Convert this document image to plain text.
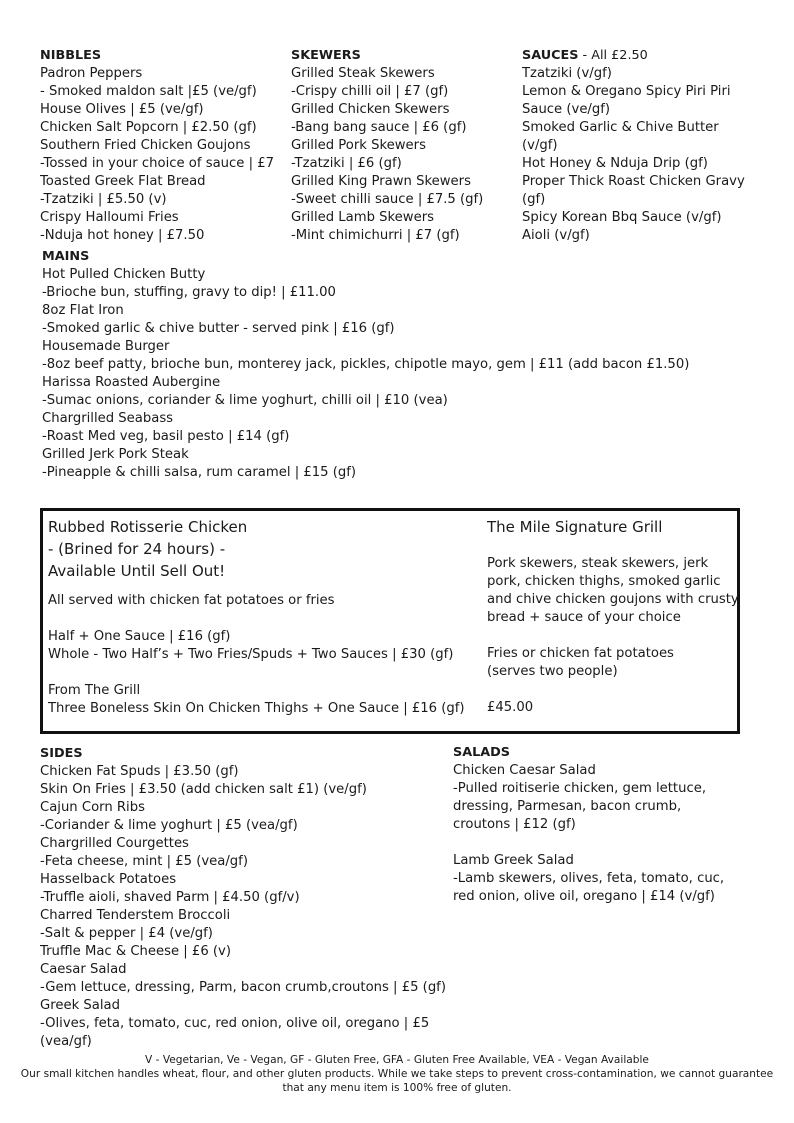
NIBBLES
Padron Peppers
- Smoked maldon salt |£5 (ve/gf)
House Olives | £5 (ve/gf)
Chicken Salt Popcorn | £2.50 (gf)
Southern Fried Chicken Goujons
-Tossed in your choice of sauce | £7
Toasted Greek Flat Bread
-Tzatziki | £5.50 (v)
Crispy Halloumi Fries
-Nduja hot honey | £7.50
SKEWERS
Grilled Steak Skewers
-Crispy chilli oil | £7 (gf)
Grilled Chicken Skewers
-Bang bang sauce | £6 (gf)
Grilled Pork Skewers
-Tzatziki | £6 (gf)
Grilled King Prawn Skewers
-Sweet chilli sauce | £7.5 (gf)
Grilled Lamb Skewers
-Mint chimichurri | £7 (gf)
SAUCES - All £2.50
Tzatziki (v/gf)
Lemon & Oregano Spicy Piri Piri
Sauce (ve/gf)
Smoked Garlic & Chive Butter
(v/gf)
Hot Honey & Nduja Drip (gf)
Proper Thick Roast Chicken Gravy
(gf)
Spicy Korean Bbq Sauce (v/gf)
Aioli (v/gf)
MAINS
Hot Pulled Chicken Butty
-Brioche bun, stuffing, gravy to dip! | £11.00
8oz Flat Iron
-Smoked garlic & chive butter - served pink | £16 (gf)
Housemade Burger
-8oz beef patty, brioche bun, monterey jack, pickles, chipotle mayo, gem | £11 (add bacon £1.50)
Harissa Roasted Aubergine
-Sumac onions, coriander & lime yoghurt, chilli oil | £10 (vea)
Chargrilled Seabass
-Roast Med veg, basil pesto | £14 (gf)
Grilled Jerk Pork Steak
-Pineapple & chilli salsa, rum caramel | £15 (gf)
Rubbed Rotisserie Chicken
- (Brined for 24 hours) -
Available Until Sell Out!
All served with chicken fat potatoes or fries
Half + One Sauce | £16 (gf)
Whole - Two Half’s + Two Fries/Spuds + Two Sauces | £30 (gf)
From The Grill
Three Boneless Skin On Chicken Thighs + One Sauce | £16 (gf)
The Mile Signature Grill
Pork skewers, steak skewers, jerk pork, chicken thighs, smoked garlic and chive chicken goujons with crusty bread + sauce of your choice
Fries or chicken fat potatoes
(serves two people)
£45.00
SIDES
Chicken Fat Spuds | £3.50 (gf)
Skin On Fries | £3.50 (add chicken salt £1) (ve/gf)
Cajun Corn Ribs
-Coriander & lime yoghurt | £5 (vea/gf)
Chargrilled Courgettes
-Feta cheese, mint | £5 (vea/gf)
Hasselback Potatoes
-Truffle aioli, shaved Parm | £4.50 (gf/v)
Charred Tenderstem Broccoli
-Salt & pepper | £4 (ve/gf)
Truffle Mac & Cheese | £6 (v)
Caesar Salad
-Gem lettuce, dressing, Parm, bacon crumb,croutons | £5 (gf)
Greek Salad
-Olives, feta, tomato, cuc, red onion, olive oil, oregano | £5
(vea/gf)
SALADS
Chicken Caesar Salad
-Pulled roitiserie chicken, gem lettuce,
dressing, Parmesan, bacon crumb,
croutons | £12 (gf)
Lamb Greek Salad
-Lamb skewers, olives, feta, tomato, cuc,
red onion, olive oil, oregano | £14 (v/gf)
V - Vegetarian, Ve - Vegan, GF - Gluten Free, GFA - Gluten Free Available, VEA - Vegan Available
Our small kitchen handles wheat, flour, and other gluten products. While we take steps to prevent cross-contamination, we cannot guarantee
that any menu item is 100% free of gluten.
